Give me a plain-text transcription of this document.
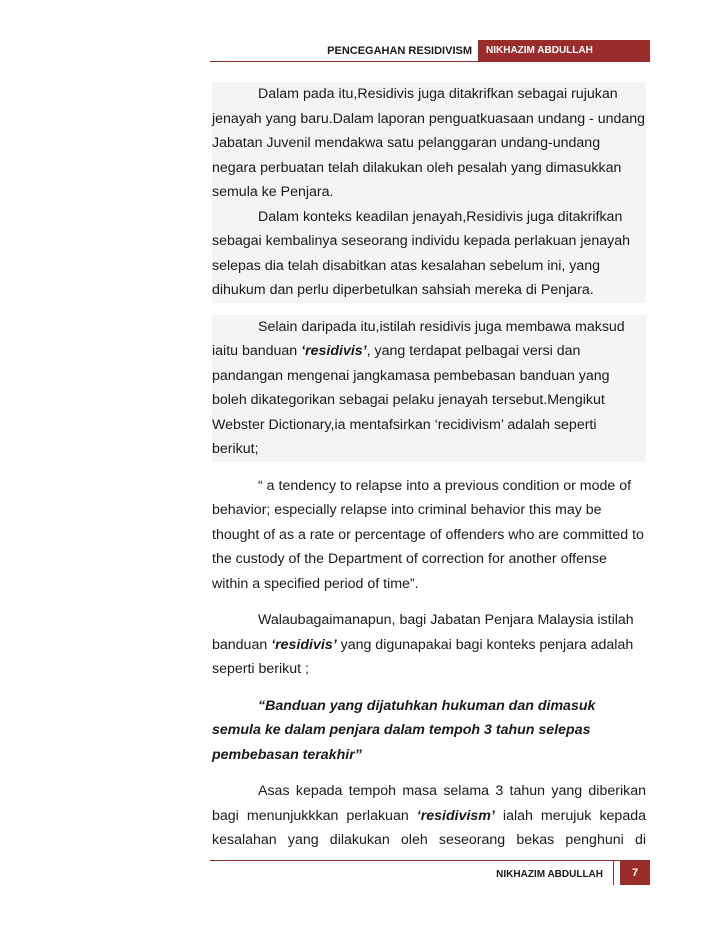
PENCEGAHAN RESIDIVISM	NIKHAZIM ABDULLAH

Dalam pada itu,Residivis juga ditakrifkan sebagai rujukan jenayah yang baru.Dalam laporan penguatkuasaan undang - undang Jabatan Juvenil mendakwa satu pelanggaran undang-undang negara perbuatan telah dilakukan oleh pesalah yang dimasukkan semula ke Penjara.

Dalam konteks keadilan jenayah,Residivis juga ditakrifkan sebagai kembalinya seseorang individu kepada perlakuan jenayah selepas dia telah disabitkan atas kesalahan sebelum ini, yang dihukum dan perlu diperbetulkan sahsiah mereka di Penjara.

Selain daripada itu,istilah residivis juga membawa maksud iaitu banduan ‘residivis’, yang terdapat pelbagai versi dan pandangan mengenai jangkamasa pembebasan banduan yang boleh dikategorikan sebagai pelaku jenayah tersebut.Mengikut Webster Dictionary,ia mentafsirkan ‘recidivism’ adalah seperti berikut;

“ a tendency to relapse into a previous condition or mode of behavior; especially relapse into criminal behavior this may be thought of as a rate or percentage of offenders who are committed to the custody of the Department of correction for another offense within a specified period of time”.

Walaubagaimanapun, bagi Jabatan Penjara Malaysia istilah banduan ‘residivis’ yang digunapakai bagi konteks penjara adalah seperti berikut ;

“Banduan yang dijatuhkan hukuman dan dimasuk semula ke dalam penjara dalam tempoh 3 tahun selepas pembebasan terakhir”

Asas kepada tempoh masa selama 3 tahun yang diberikan bagi menunjukkkan perlakuan ‘residivism’ ialah merujuk kepada kesalahan yang dilakukan oleh seseorang bekas penghuni di

NIKHAZIM ABDULLAH	7
